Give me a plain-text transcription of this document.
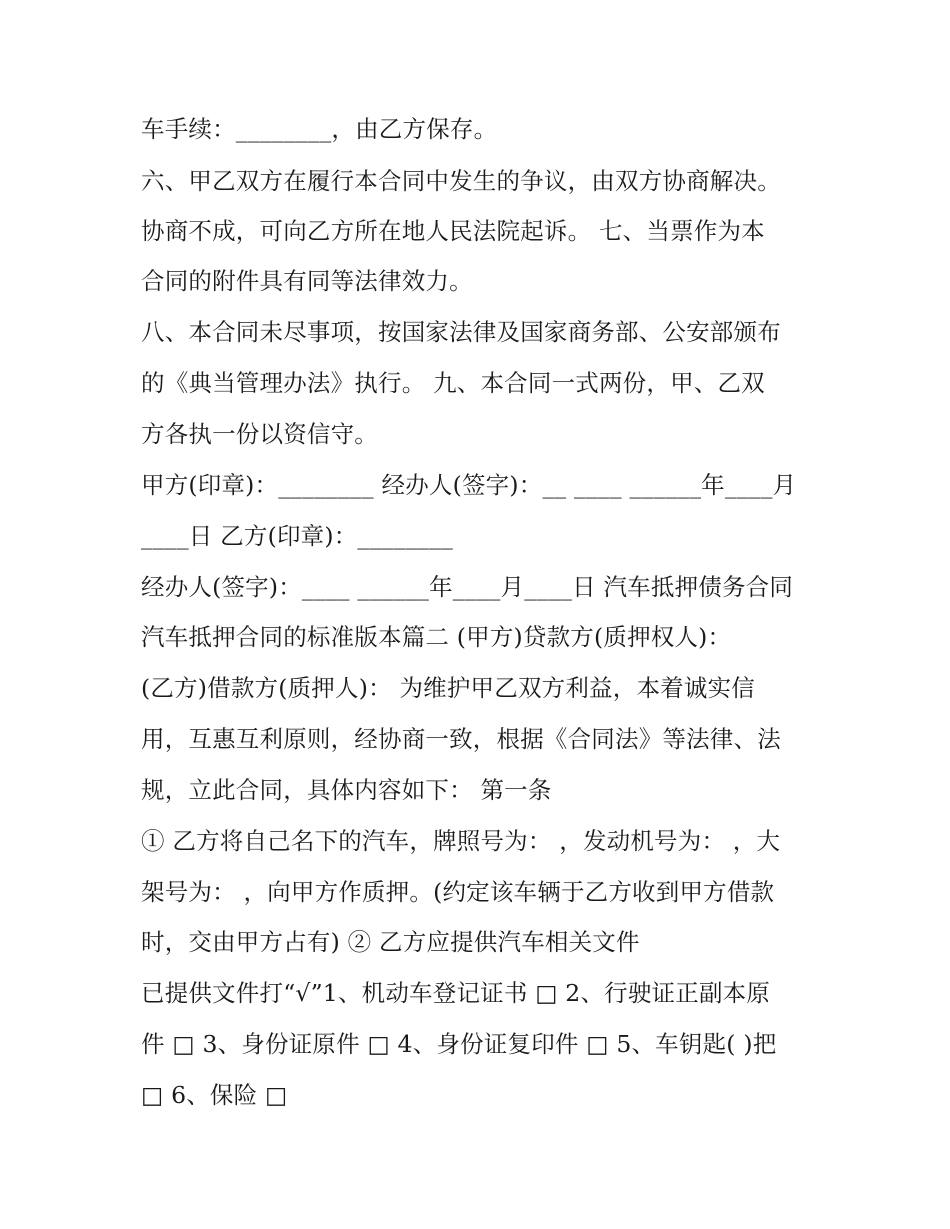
车手续：________，由乙方保存。
六、甲乙双方在履行本合同中发生的争议，由双方协商解决。
协商不成，可向乙方所在地人民法院起诉。 七、当票作为本
合同的附件具有同等法律效力。
八、本合同未尽事项，按国家法律及国家商务部、公安部颁布
的《典当管理办法》执行。 九、本合同一式两份，甲、乙双
方各执一份以资信守。
甲方(印章)：________ 经办人(签字)：__ ____ ______年____月
____日 乙方(印章)：________
经办人(签字)：____ ______年____月____日 汽车抵押债务合同
汽车抵押合同的标准版本篇二 (甲方)贷款方(质押权人)：
(乙方)借款方(质押人)： 为维护甲乙双方利益，本着诚实信
用，互惠互利原则，经协商一致，根据《合同法》等法律、法
规，立此合同，具体内容如下： 第一条
① 乙方将自己名下的汽车，牌照号为： ，发动机号为： ，大
架号为： ，向甲方作质押。(约定该车辆于乙方收到甲方借款
时，交由甲方占有) ② 乙方应提供汽车相关文件
已提供文件打“√”1、机动车登记证书 □ 2、行驶证正副本原
件 □ 3、身份证原件 □ 4、身份证复印件 □ 5、车钥匙( )把
□ 6、保险 □
